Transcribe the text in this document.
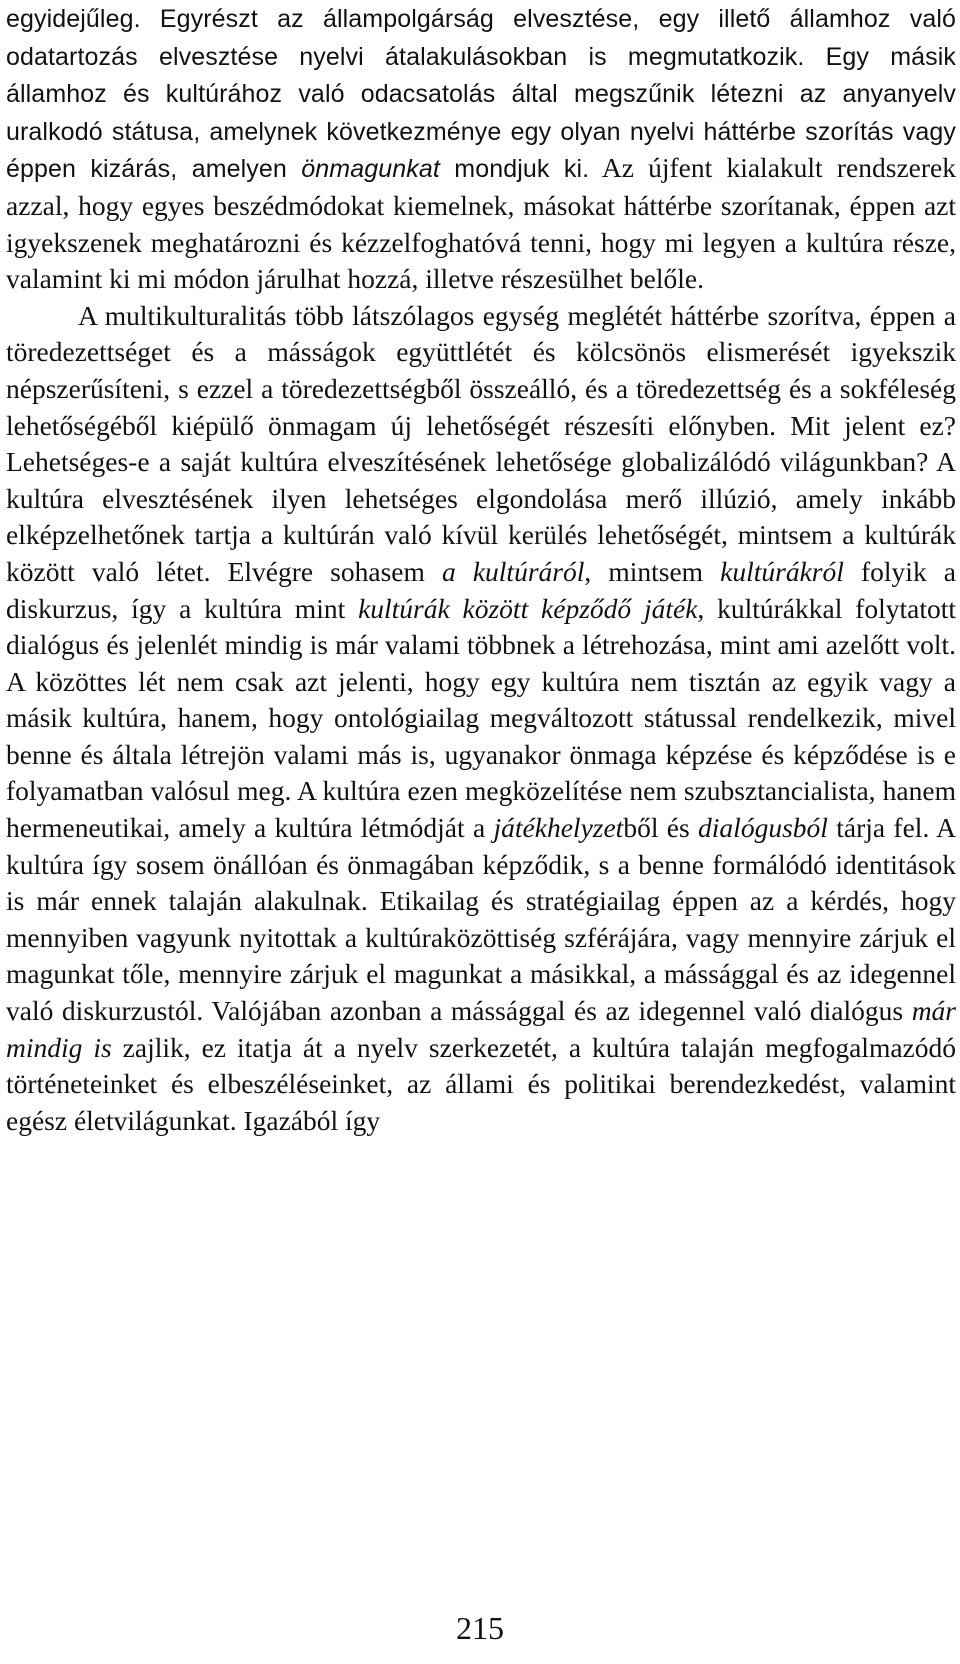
egyidejűleg. Egyrészt az állampolgárság elvesztése, egy illető államhoz való odatartozás elvesztése nyelvi átalakulásokban is megmutatkozik. Egy másik államhoz és kultúrához való odacsatolás által megszűnik létezni az anyanyelv uralkodó státusa, amelynek következménye egy olyan nyelvi háttérbe szorítás vagy éppen kizárás, amelyen önmagunkat mondjuk ki. Az újfent kialakult rendszerek azzal, hogy egyes beszédmódokat kiemelnek, másokat háttérbe szorítanak, éppen azt igyekszenek meghatározni és kézzelfoghatóvá tenni, hogy mi legyen a kultúra része, valamint ki mi módon járulhat hozzá, illetve részesülhet belőle.

A multikulturalitás több látszólagos egység meglétét háttérbe szorítva, éppen a töredezettséget és a másságok együttlétét és kölcsönös elismerését igyekszik népszerűsíteni, s ezzel a töredezettségből összeálló, és a töredezettség és a sokféleség lehetőségéből kiépülő önmagam új lehetőségét részesíti előnyben. Mit jelent ez? Lehetséges-e a saját kultúra elveszítésének lehetősége globalizálódó világunkban? A kultúra elvesztésének ilyen lehetséges elgondolása merő illúzió, amely inkább elképzelhetőnek tartja a kultúrán való kívül kerülés lehetőségét, mintsem a kultúrák között való létet. Elvégre sohasem a kultúráról, mintsem kultúrákról folyik a diskurzus, így a kultúra mint kultúrák között képződő játék, kultúrákkal folytatott dialógus és jelenlét mindig is már valami többnek a létrehozása, mint ami azelőtt volt. A közöttes lét nem csak azt jelenti, hogy egy kultúra nem tisztán az egyik vagy a másik kultúra, hanem, hogy ontológiailag megváltozott státussal rendelkezik, mivel benne és általa létrejön valami más is, ugyanakor önmaga képzése és képződése is e folyamatban valósul meg. A kultúra ezen megközelítése nem szubsztancialista, hanem hermeneutikai, amely a kultúra létmódját a játékhelyzetből és dialógusból tárja fel. A kultúra így sosem önállóan és önmagában képződik, s a benne formálódó identitások is már ennek talaján alakulnak. Etikailag és stratégiailag éppen az a kérdés, hogy mennyiben vagyunk nyitottak a kultúraközöttiség szférájára, vagy mennyire zárjuk el magunkat tőle, mennyire zárjuk el magunkat a másikkal, a mássággal és az idegennel való diskurzustól. Valójában azonban a mássággal és az idegennel való dialógus már mindig is zajlik, ez itatja át a nyelv szerkezetét, a kultúra talaján megfogalmazódó történeteinket és elbeszéléseinket, az állami és politikai berendezkedést, valamint egész életvilágunkat. Igazából így

215
